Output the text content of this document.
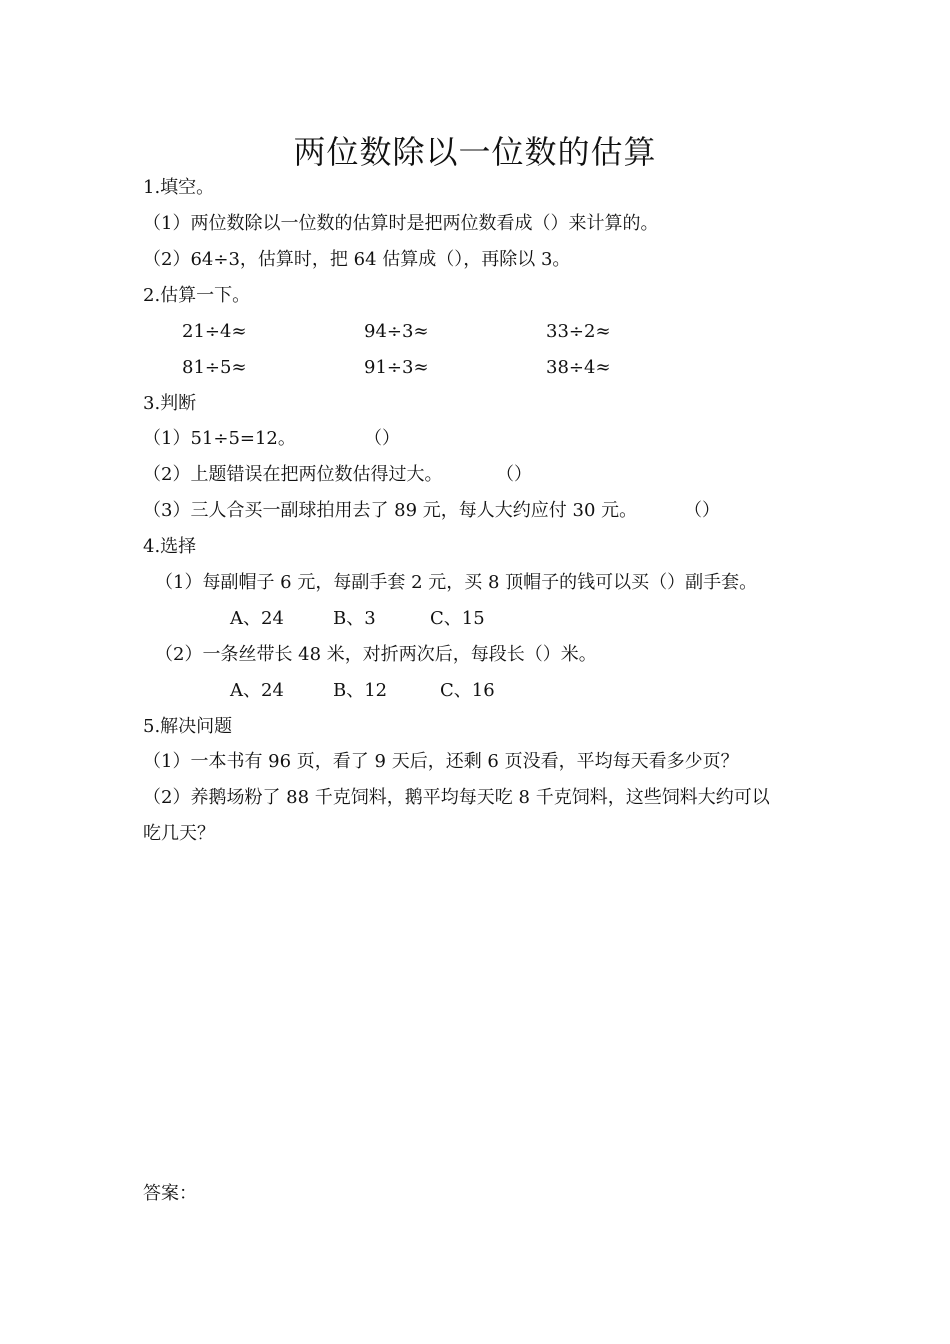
两位数除以一位数的估算
1.填空。
（1）两位数除以一位数的估算时是把两位数看成（）来计算的。
（2）64÷3，估算时，把 64 估算成（），再除以 3。
2.估算一下。
21÷4≈	94÷3≈	33÷2≈
81÷5≈	91÷3≈	38÷4≈
3.判断
（1）51÷5=12。	（）
（2）上题错误在把两位数估得过大。	（）
（3）三人合买一副球拍用去了 89 元，每人大约应付 30 元。	（）
4.选择
（1）每副帽子 6 元，每副手套 2 元，买 8 顶帽子的钱可以买（）副手套。
A、24	B、3	C、15
（2）一条丝带长 48 米，对折两次后，每段长（）米。
A、24	B、12	C、16
5.解决问题
（1）一本书有 96 页，看了 9 天后，还剩 6 页没看，平均每天看多少页？
（2）养鹅场粉了 88 千克饲料，鹅平均每天吃 8 千克饲料，这些饲料大约可以
吃几天？
答案：
